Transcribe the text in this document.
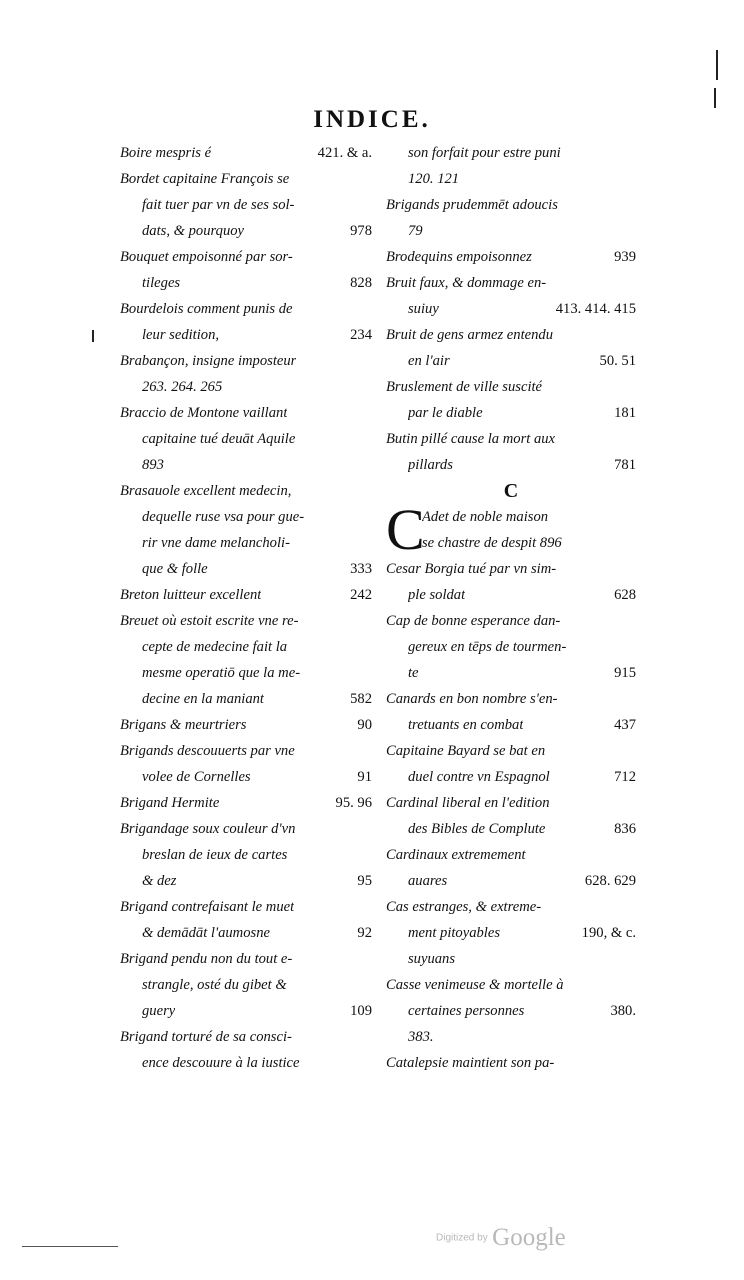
INDICE.
Boire mespris é	421. & a.
Bordet capitaine François se
fait tuer par vn de ses sol-
dats, & pourquoy	978
Bouquet empoisonné par sor-
tileges	828
Bourdelois comment punis de
leur sedition,	234
Brabançon, insigne imposteur
263. 264. 265
Braccio de Montone vaillant
capitaine tué deuāt Aquile
893
Brasauole excellent medecin,
dequelle ruse vsa pour gue-
rir vne dame melancholi-
que & folle	333
Breton luitteur excellent	242
Breuet où estoit escrite vne re-
cepte de medecine fait la
mesme operatiō que la me-
decine en la maniant	582
Brigans & meurtriers	90
Brigands descouuerts par vne
volee de Cornelles	91
Brigand Hermite	95. 96
Brigandage soux couleur d'vn
breslan de ieux de cartes
& dez	95
Brigand contrefaisant le muet
& demādāt l'aumosne	92
Brigand pendu non du tout e-
strangle, osté du gibet &
guery	109
Brigand torturé de sa consci-
ence descouure à la iustice
son forfait pour estre puni
120. 121
Brigands prudemmēt adoucis
79
Brodequins empoisonnez	939
Bruit faux, & dommage en-
suiuy	413. 414. 415
Bruit de gens armez entendu
en l'air	50. 51
Bruslement de ville suscité
par le diable	181
Butin pillé cause la mort aux
pillards	781
C
C
Adet de noble maison
se chastre de despit 896
Cesar Borgia tué par vn sim-
ple soldat	628
Cap de bonne esperance dan-
gereux en tēps de tourmen-
te	915
Canards en bon nombre s'en-
tretuants en combat	437
Capitaine Bayard se bat en
duel contre vn Espagnol	712
Cardinal liberal en l'edition
des Bibles de Complute	836
Cardinaux extremement
auares	628. 629
Cas estranges, & extreme-
ment pitoyables	190, & c.
suyuans
Casse venimeuse & mortelle à
certaines personnes	380.
383.
Catalepsie maintient son pa-
Digitized by Google
